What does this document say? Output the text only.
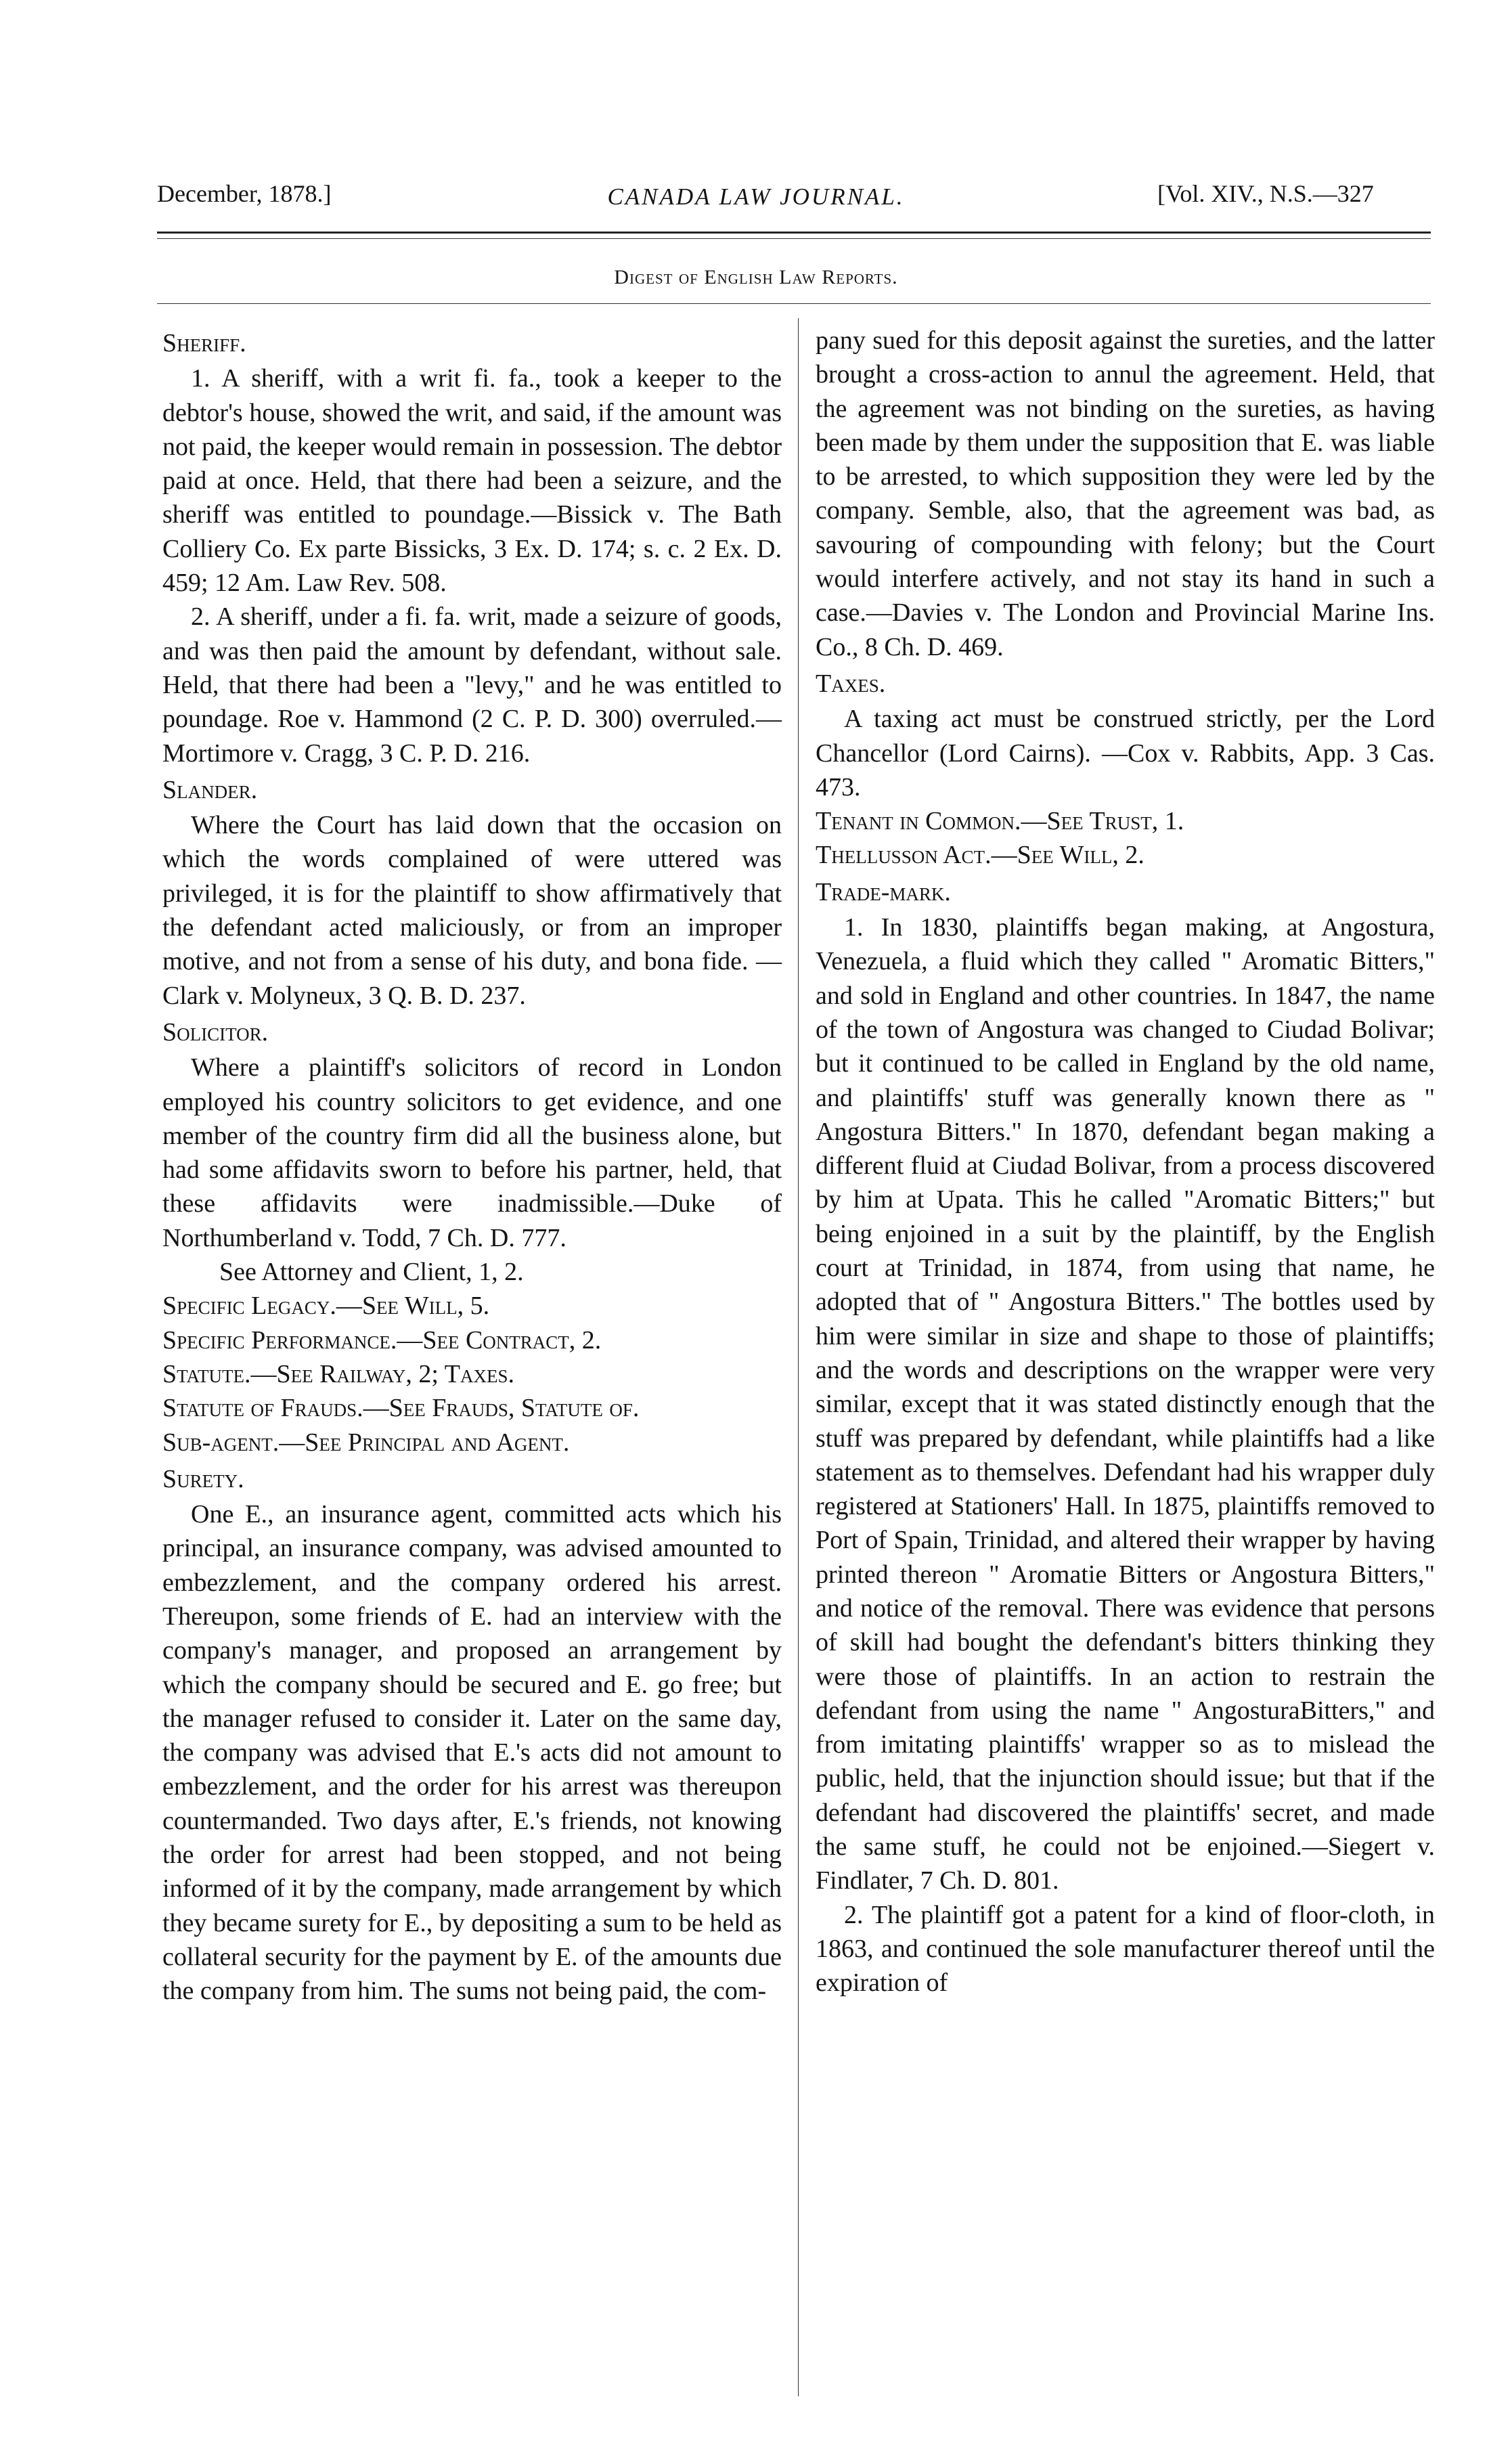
December, 1878.]	CANADA LAW JOURNAL.	[Vol. XIV., N.S.—327
Digest of English Law Reports.
Sheriff.

1. A sheriff, with a writ fi. fa., took a keeper to the debtor's house, showed the writ, and said, if the amount was not paid, the keeper would remain in possession. The debtor paid at once. Held, that there had been a seizure, and the sheriff was entitled to poundage.—Bissick v. The Bath Colliery Co. Ex parte Bissicks, 3 Ex. D. 174; s. c. 2 Ex. D. 459; 12 Am. Law Rev. 508.

2. A sheriff, under a fi. fa. writ, made a seizure of goods, and was then paid the amount by defendant, without sale. Held, that there had been a "levy," and he was entitled to poundage. Roe v. Hammond (2 C. P. D. 300) overruled.—Mortimore v. Cragg, 3 C. P. D. 216.

Slander.

Where the Court has laid down that the occasion on which the words complained of were uttered was privileged, it is for the plaintiff to show affirmatively that the defendant acted maliciously, or from an improper motive, and not from a sense of his duty, and bona fide. —Clark v. Molyneux, 3 Q. B. D. 237.

Solicitor.

Where a plaintiff's solicitors of record in London employed his country solicitors to get evidence, and one member of the country firm did all the business alone, but had some affidavits sworn to before his partner, held, that these affidavits were inadmissible.—Duke of Northumberland v. Todd, 7 Ch. D. 777.

See Attorney and Client, 1, 2.

Specific Legacy.—See Will, 5.
Specific Performance.—See Contract, 2.
Statute.—See Railway, 2; Taxes.
Statute of Frauds.—See Frauds, Statute of.
Sub-agent.—See Principal and Agent.
Surety.

One E., an insurance agent, committed acts which his principal, an insurance company, was advised amounted to embezzlement, and the company ordered his arrest. Thereupon, some friends of E. had an interview with the company's manager, and proposed an arrangement by which the company should be secured and E. go free; but the manager refused to consider it. Later on the same day, the company was advised that E.'s acts did not amount to embezzlement, and the order for his arrest was thereupon countermanded. Two days after, E.'s friends, not knowing the order for arrest had been stopped, and not being informed of it by the company, made arrangement by which they became surety for E., by depositing a sum to be held as collateral security for the payment by E. of the amounts due the company from him. The sums not being paid, the com-

pany sued for this deposit against the sureties, and the latter brought a cross-action to annul the agreement. Held, that the agreement was not binding on the sureties, as having been made by them under the supposition that E. was liable to be arrested, to which supposition they were led by the company. Semble, also, that the agreement was bad, as savouring of compounding with felony; but the Court would interfere actively, and not stay its hand in such a case.—Davies v. The London and Provincial Marine Ins. Co., 8 Ch. D. 469.

Taxes.

A taxing act must be construed strictly, per the Lord Chancellor (Lord Cairns). —Cox v. Rabbits, App. 3 Cas. 473.

Tenant in Common.—See Trust, 1.
Thellusson Act.—See Will, 2.
Trade-mark.

1. In 1830, plaintiffs began making, at Angostura, Venezuela, a fluid which they called " Aromatic Bitters," and sold in England and other countries. In 1847, the name of the town of Angostura was changed to Ciudad Bolivar; but it continued to be called in England by the old name, and plaintiffs' stuff was generally known there as " Angostura Bitters." In 1870, defendant began making a different fluid at Ciudad Bolivar, from a process discovered by him at Upata. This he called "Aromatic Bitters;" but being enjoined in a suit by the plaintiff, by the English court at Trinidad, in 1874, from using that name, he adopted that of " Angostura Bitters." The bottles used by him were similar in size and shape to those of plaintiffs; and the words and descriptions on the wrapper were very similar, except that it was stated distinctly enough that the stuff was prepared by defendant, while plaintiffs had a like statement as to themselves. Defendant had his wrapper duly registered at Stationers' Hall. In 1875, plaintiffs removed to Port of Spain, Trinidad, and altered their wrapper by having printed thereon " Aromatie Bitters or Angostura Bitters," and notice of the removal. There was evidence that persons of skill had bought the defendant's bitters thinking they were those of plaintiffs. In an action to restrain the defendant from using the name " AngosturaBitters," and from imitating plaintiffs' wrapper so as to mislead the public, held, that the injunction should issue; but that if the defendant had discovered the plaintiffs' secret, and made the same stuff, he could not be enjoined.—Siegert v. Findlater, 7 Ch. D. 801.

2. The plaintiff got a patent for a kind of floor-cloth, in 1863, and continued the sole manufacturer thereof until the expiration of
